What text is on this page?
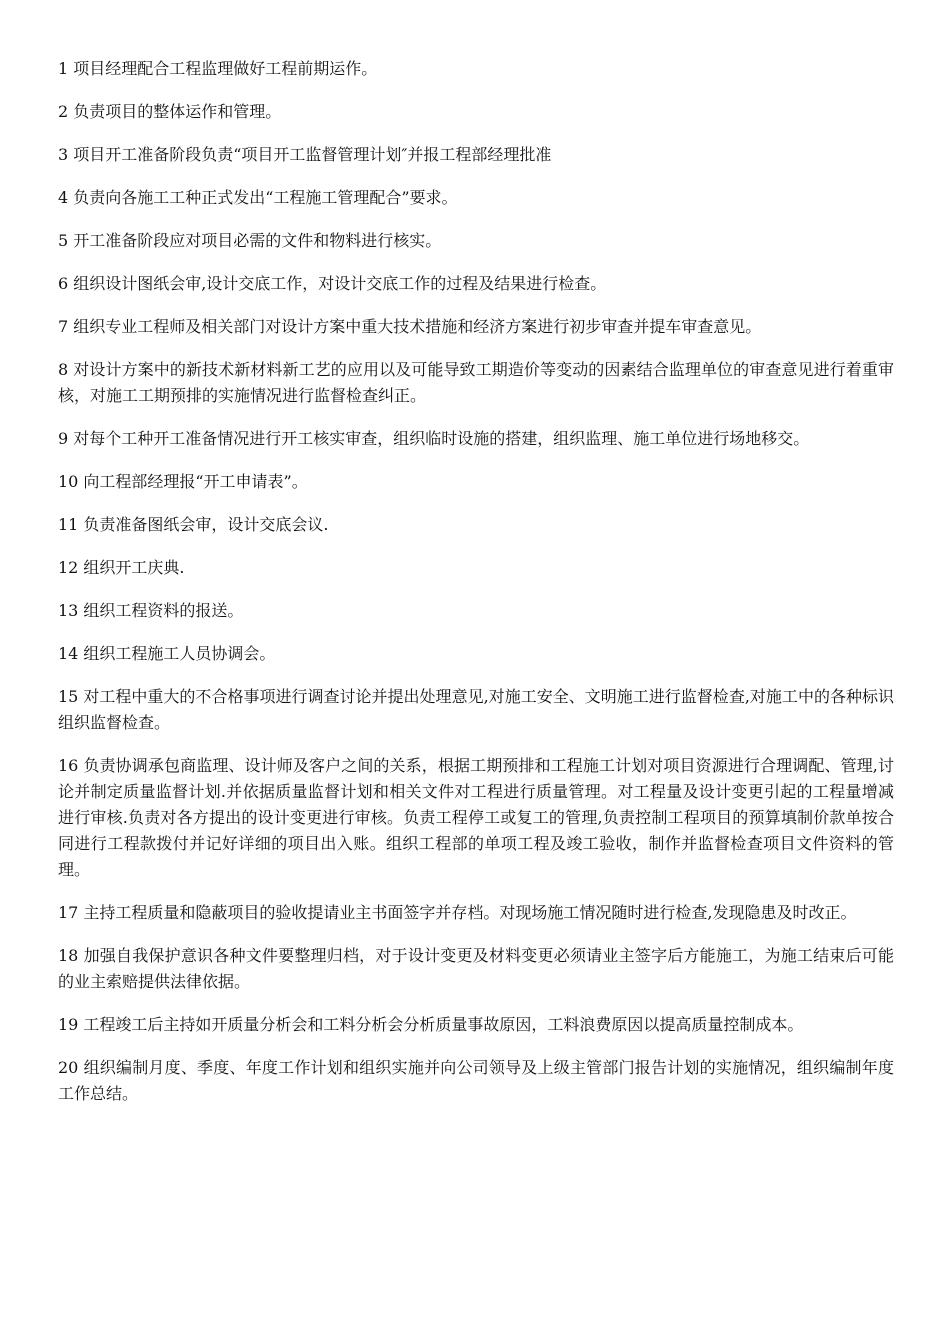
1 项目经理配合工程监理做好工程前期运作。

2 负责项目的整体运作和管理。

3 项目开工准备阶段负责“项目开工监督管理计划″并报工程部经理批准

4 负责向各施工工种正式发出“工程施工管理配合”要求。

5 开工准备阶段应对项目必需的文件和物料进行核实。

6 组织设计图纸会审,设计交底工作，对设计交底工作的过程及结果进行检查。

7 组织专业工程师及相关部门对设计方案中重大技术措施和经济方案进行初步审查并提车审查意见。

8 对设计方案中的新技术新材料新工艺的应用以及可能导致工期造价等变动的因素结合监理单位的审查意见进行着重审核，对施工工期预排的实施情况进行监督检查纠正。

9 对每个工种开工准备情况进行开工核实审查，组织临时设施的搭建，组织监理、施工单位进行场地移交。

10 向工程部经理报“开工申请表”。

11 负责准备图纸会审，设计交底会议.

12 组织开工庆典.

13 组织工程资料的报送。

14 组织工程施工人员协调会。

15 对工程中重大的不合格事项进行调查讨论并提出处理意见,对施工安全、文明施工进行监督检查,对施工中的各种标识组织监督检查。

16 负责协调承包商监理、设计师及客户之间的关系，根据工期预排和工程施工计划对项目资源进行合理调配、管理,讨论并制定质量监督计划.并依据质量监督计划和相关文件对工程进行质量管理。对工程量及设计变更引起的工程量增减进行审核.负责对各方提出的设计变更进行审核。负责工程停工或复工的管理,负责控制工程项目的预算填制价款单按合同进行工程款拨付并记好详细的项目出入账。组织工程部的单项工程及竣工验收，制作并监督检查项目文件资料的管理。

17 主持工程质量和隐蔽项目的验收提请业主书面签字并存档。对现场施工情况随时进行检查,发现隐患及时改正。

18 加强自我保护意识各种文件要整理归档，对于设计变更及材料变更必须请业主签字后方能施工，为施工结束后可能的业主索赔提供法律依据。

19 工程竣工后主持如开质量分析会和工料分析会分析质量事故原因，工料浪费原因以提高质量控制成本。

20 组织编制月度、季度、年度工作计划和组织实施并向公司领导及上级主管部门报告计划的实施情况，组织编制年度工作总结。
